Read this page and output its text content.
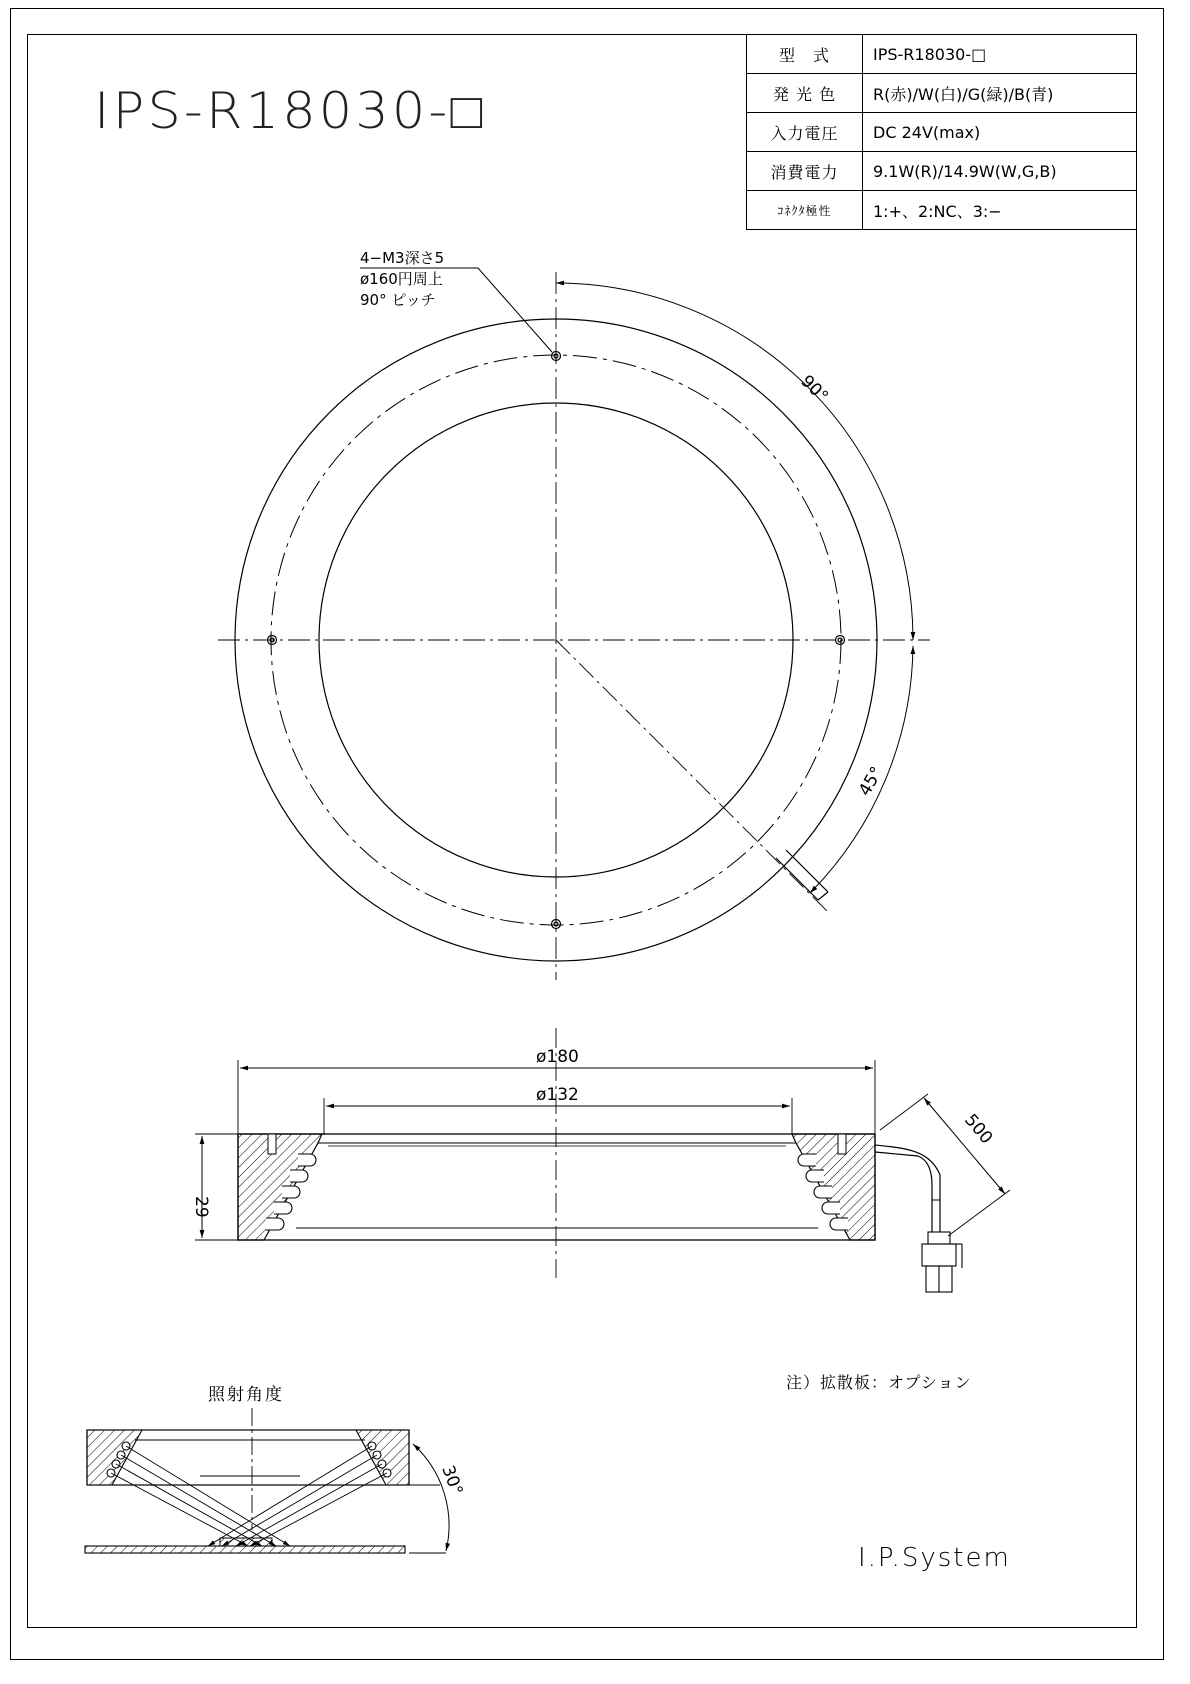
IPS-R18030-□
型　式	IPS-R18030-□
発 光 色	R(赤)/W(白)/G(緑)/B(青)
入力電圧	DC 24V(max)
消費電力	9.1W(R)/14.9W(W,G,B)
ｺﾈｸﾀ極性	1:+、2:NC、3:−
4−M3深さ5
ø160円周上
90° ピッチ
90°
45°
ø180
ø132
29
500
30°
注）拡散板：オプション
照射角度
I.P.System
